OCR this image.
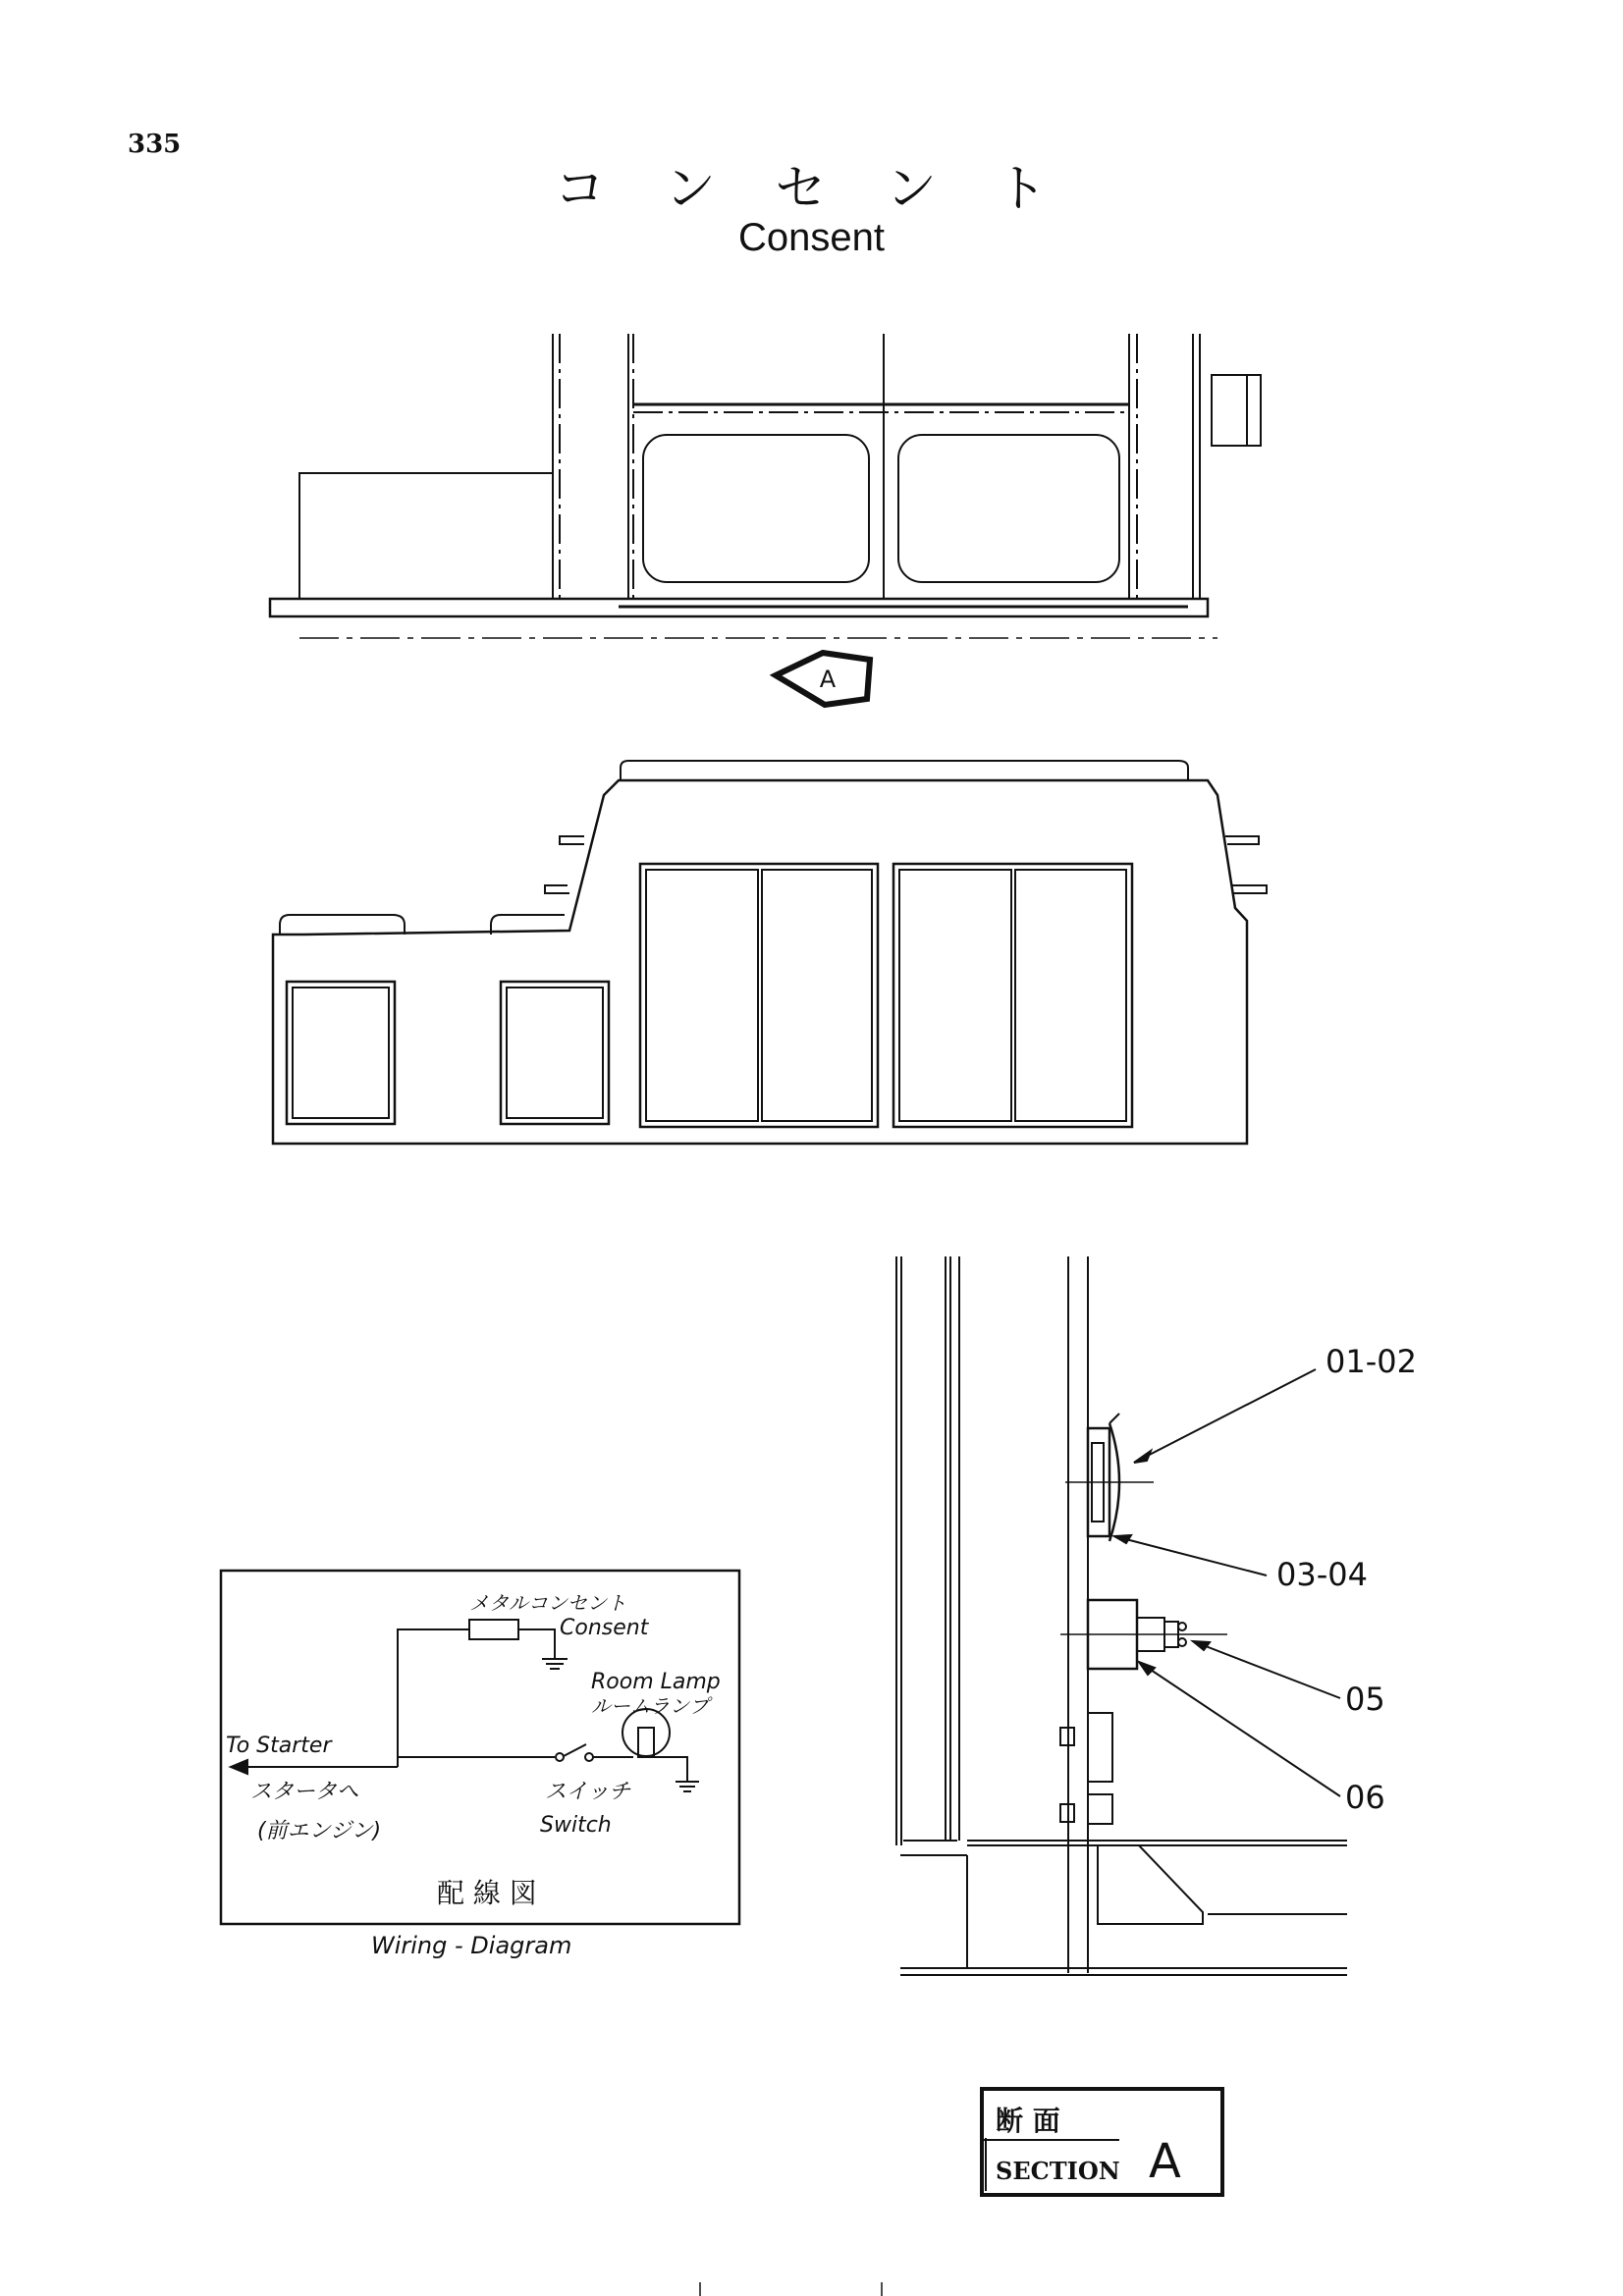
335
コ ン セ ン ト
Consent
A
01-02
03-04
05
06
メタルコンセント
Consent
Room Lamp
ルームランプ
To Starter
スタータへ
(前エンジン)
スイッチ
Switch
配 線 図
Wiring - Diagram
断 面
SECTION A
